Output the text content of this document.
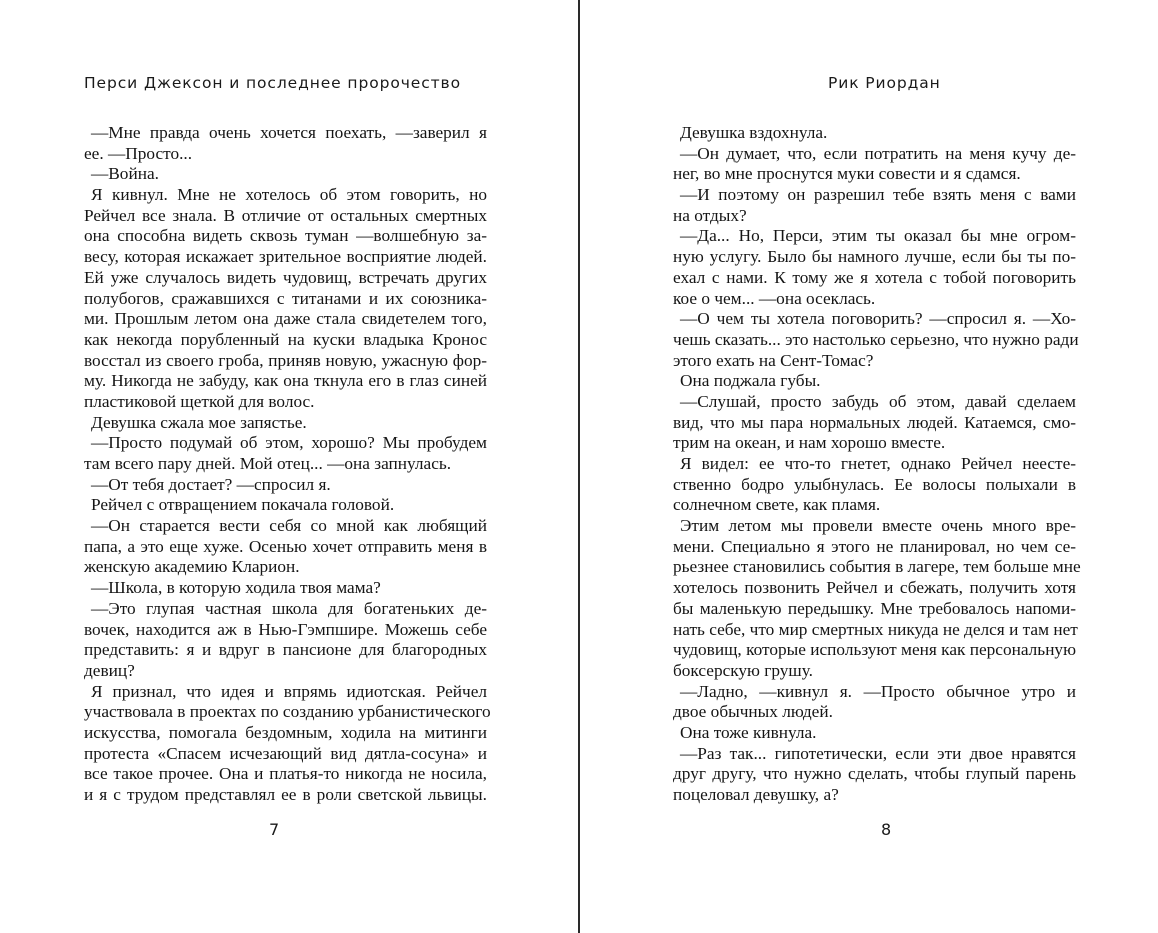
Перси Джексон и последнее пророчество
—Мне правда очень хочется поехать, —заверил я
ее. —Просто...
—Война.
Я кивнул. Мне не хотелось об этом говорить, но
Рейчел все знала. В отличие от остальных смертных
она способна видеть сквозь туман —волшебную за-
весу, которая искажает зрительное восприятие людей.
Ей уже случалось видеть чудовищ, встречать других
полубогов, сражавшихся с титанами и их союзника-
ми. Прошлым летом она даже стала свидетелем того,
как некогда порубленный на куски владыка Кронос
восстал из своего гроба, приняв новую, ужасную фор-
му. Никогда не забуду, как она ткнула его в глаз синей
пластиковой щеткой для волос.
Девушка сжала мое запястье.
—Просто подумай об этом, хорошо? Мы пробудем
там всего пару дней. Мой отец... —она запнулась.
—От тебя достает? —спросил я.
Рейчел с отвращением покачала головой.
—Он старается вести себя со мной как любящий
папа, а это еще хуже. Осенью хочет отправить меня в
женскую академию Кларион.
—Школа, в которую ходила твоя мама?
—Это глупая частная школа для богатеньких де-
вочек, находится аж в Нью-Гэмпшире. Можешь себе
представить: я и вдруг в пансионе для благородных
девиц?
Я признал, что идея и впрямь идиотская. Рейчел
участвовала в проектах по созданию урбанистического
искусства, помогала бездомным, ходила на митинги
протеста «Спасем исчезающий вид дятла-сосуна» и
все такое прочее. Она и платья-то никогда не носила,
и я с трудом представлял ее в роли светской львицы.
7
Рик Риордан
Девушка вздохнула.
—Он думает, что, если потратить на меня кучу де-
нег, во мне проснутся муки совести и я сдамся.
—И поэтому он разрешил тебе взять меня с вами
на отдых?
—Да... Но, Перси, этим ты оказал бы мне огром-
ную услугу. Было бы намного лучше, если бы ты по-
ехал с нами. К тому же я хотела с тобой поговорить
кое о чем... —она осеклась.
—О чем ты хотела поговорить? —спросил я. —Хо-
чешь сказать... это настолько серьезно, что нужно ради
этого ехать на Сент-Томас?
Она поджала губы.
—Слушай, просто забудь об этом, давай сделаем
вид, что мы пара нормальных людей. Катаемся, смо-
трим на океан, и нам хорошо вместе.
Я видел: ее что-то гнетет, однако Рейчел неесте-
ственно бодро улыбнулась. Ее волосы полыхали в
солнечном свете, как пламя.
Этим летом мы провели вместе очень много вре-
мени. Специально я этого не планировал, но чем се-
рьезнее становились события в лагере, тем больше мне
хотелось позвонить Рейчел и сбежать, получить хотя
бы маленькую передышку. Мне требовалось напоми-
нать себе, что мир смертных никуда не делся и там нет
чудовищ, которые используют меня как персональную
боксерскую грушу.
—Ладно, —кивнул я. —Просто обычное утро и
двое обычных людей.
Она тоже кивнула.
—Раз так... гипотетически, если эти двое нравятся
друг другу, что нужно сделать, чтобы глупый парень
поцеловал девушку, а?
8
